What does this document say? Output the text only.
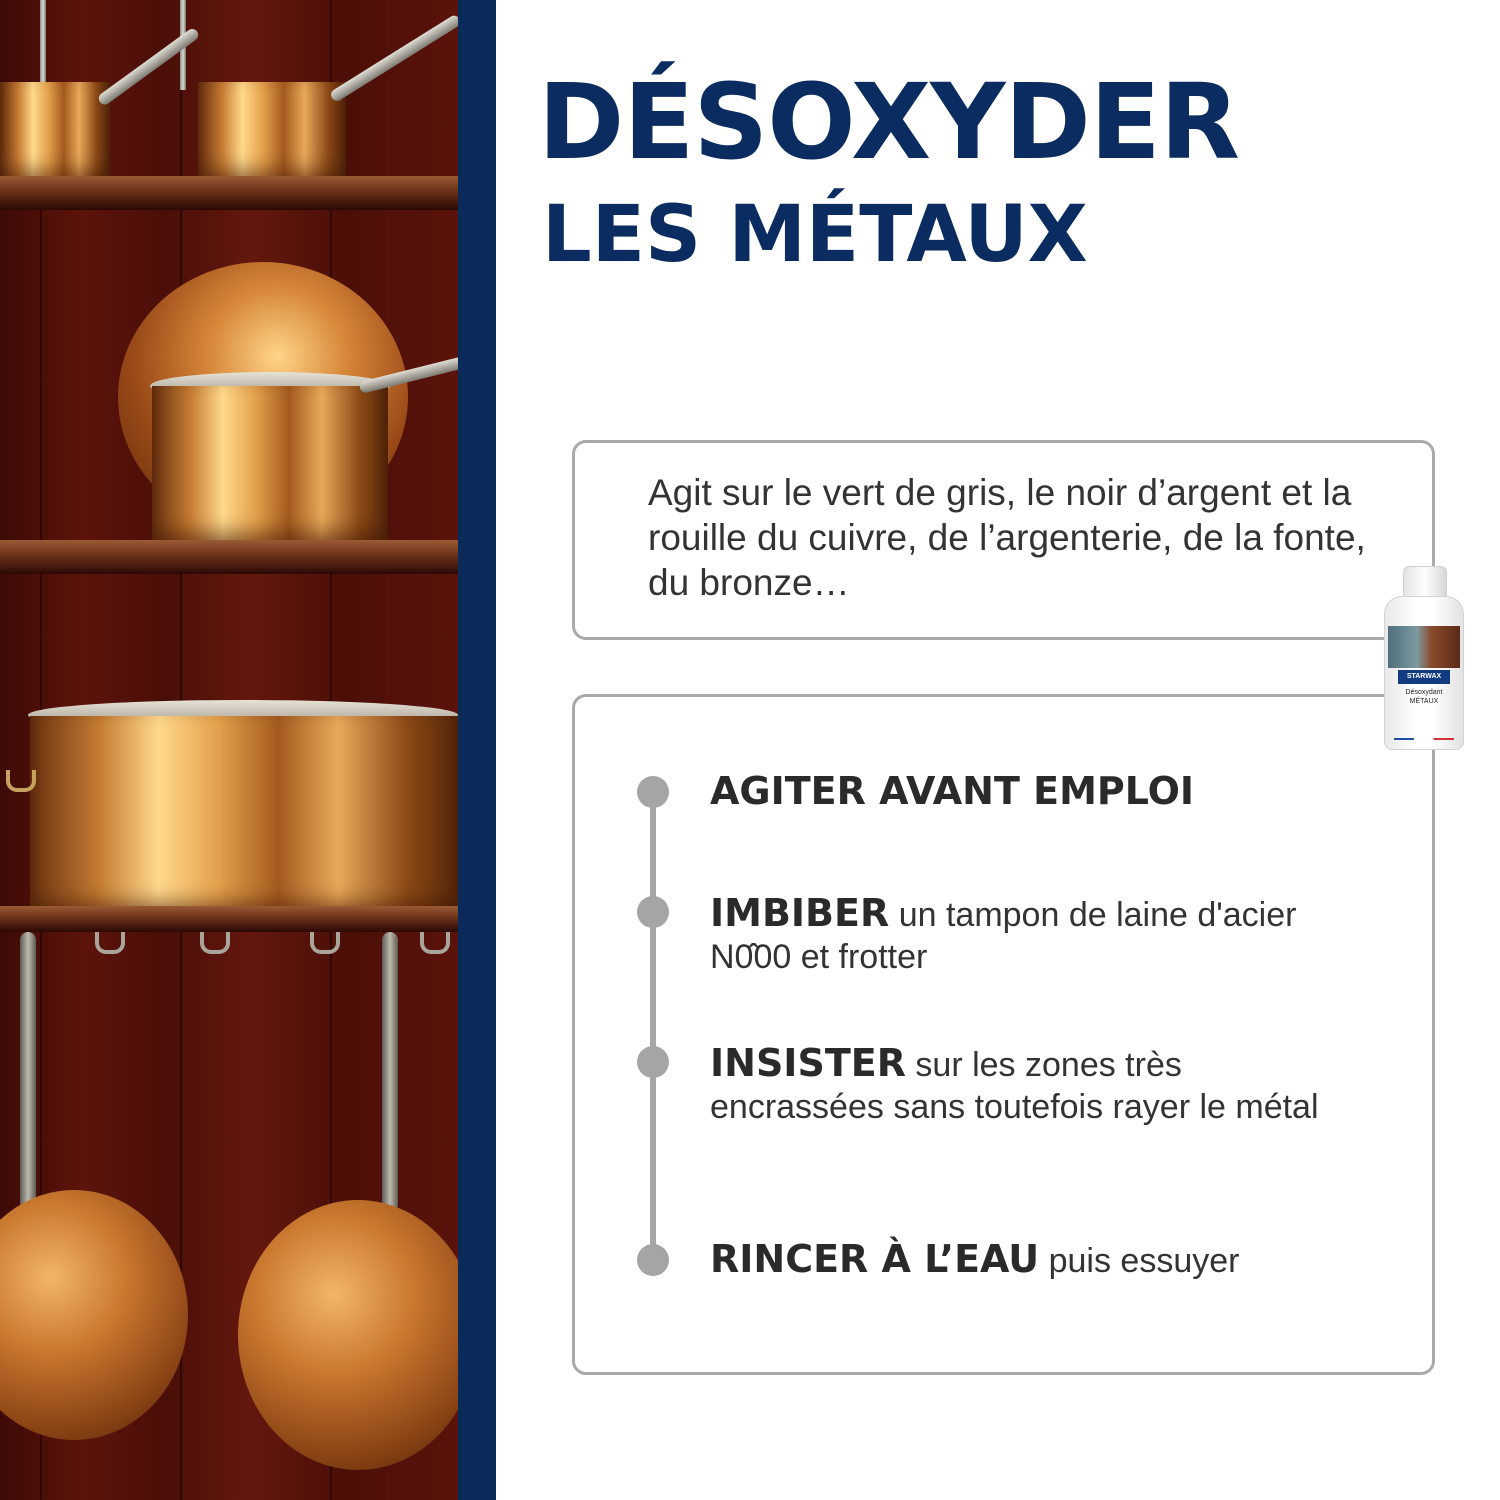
DÉSOXYDER
LES MÉTAUX
Agit sur le vert de gris, le noir d’argent et la rouille du cuivre, de l’argenterie, de la fonte, du bronze…
AGITER AVANT EMPLOI
IMBIBER un tampon de laine d'acier N0̂00 et frotter
INSISTER sur les zones très encrassées sans toutefois rayer le métal
RINCER À L’EAU puis essuyer
STARWAX
Désoxydant
MÉTAUX
